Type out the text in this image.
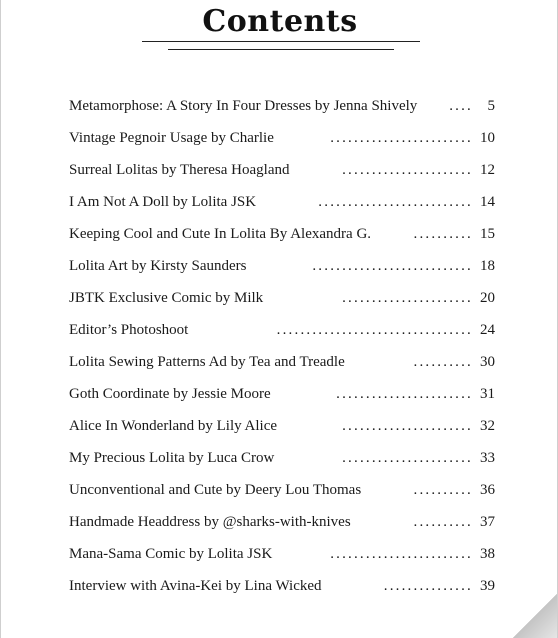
Contents
Metamorphose: A Story In Four Dresses by Jenna Shively .... 5
Vintage Pegnoir Usage by Charlie	........................ 10
Surreal Lolitas by Theresa Hoagland	...................... 12
I Am Not A Doll by Lolita JSK	.......................... 14
Keeping Cool and Cute In Lolita By Alexandra G.	.......... 15
Lolita Art by Kirsty Saunders	........................... 18
JBTK Exclusive Comic by Milk	...................... 20
Editor’s Photoshoot	................................. 24
Lolita Sewing Patterns Ad by Tea and Treadle	.......... 30
Goth Coordinate by Jessie Moore	....................... 31
Alice In Wonderland by Lily Alice	...................... 32
My Precious Lolita by Luca Crow	...................... 33
Unconventional and Cute by Deery Lou Thomas	.......... 36
Handmade Headdress by @sharks-with-knives	.......... 37
Mana-Sama Comic by Lolita JSK	........................ 38
Interview with Avina-Kei by Lina Wicked	............... 39
